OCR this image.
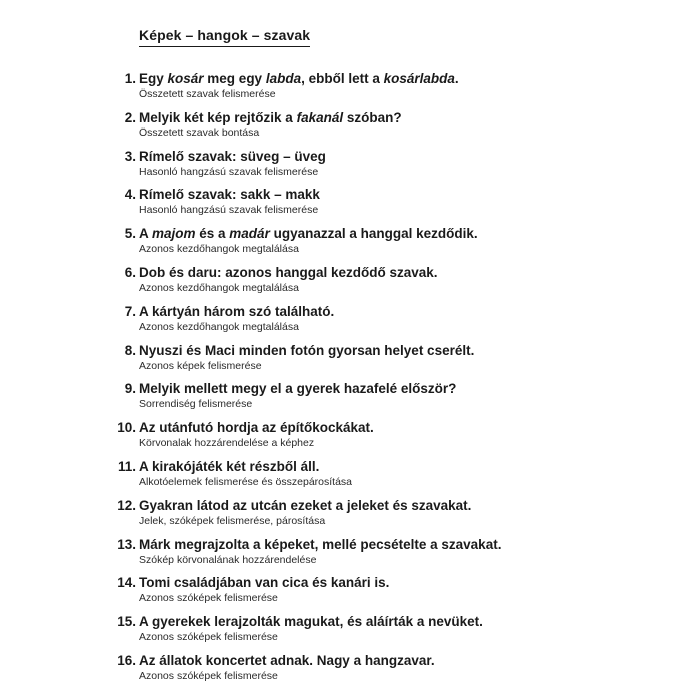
Képek – hangok – szavak
1. Egy kosár meg egy labda, ebből lett a kosárlabda.
Összetett szavak felismerése
2. Melyik két kép rejtőzik a fakanál szóban?
Összetett szavak bontása
3. Rímelő szavak: süveg – üveg
Hasonló hangzású szavak felismerése
4. Rímelő szavak: sakk – makk
Hasonló hangzású szavak felismerése
5. A majom és a madár ugyanazzal a hanggal kezdődik.
Azonos kezdőhangok megtalálása
6. Dob és daru: azonos hanggal kezdődő szavak.
Azonos kezdőhangok megtalálása
7. A kártyán három szó található.
Azonos kezdőhangok megtalálása
8. Nyuszi és Maci minden fotón gyorsan helyet cserélt.
Azonos képek felismerése
9. Melyik mellett megy el a gyerek hazafelé először?
Sorrendiség felismerése
10. Az utánfutó hordja az építőkockákat.
Körvonalak hozzárendelése a képhez
11. A kirakójáték két részből áll.
Alkotóelemek felismerése és összepárosítása
12. Gyakran látod az utcán ezeket a jeleket és szavakat.
Jelek, szóképek felismerése, párosítása
13. Márk megrajzolta a képeket, mellé pecsételte a szavakat.
Szókép körvonalának hozzárendelése
14. Tomi családjában van cica és kanári is.
Azonos szóképek felismerése
15. A gyerekek lerajzolták magukat, és aláírták a nevüket.
Azonos szóképek felismerése
16. Az állatok koncertet adnak. Nagy a hangzavar.
Azonos szóképek felismerése
